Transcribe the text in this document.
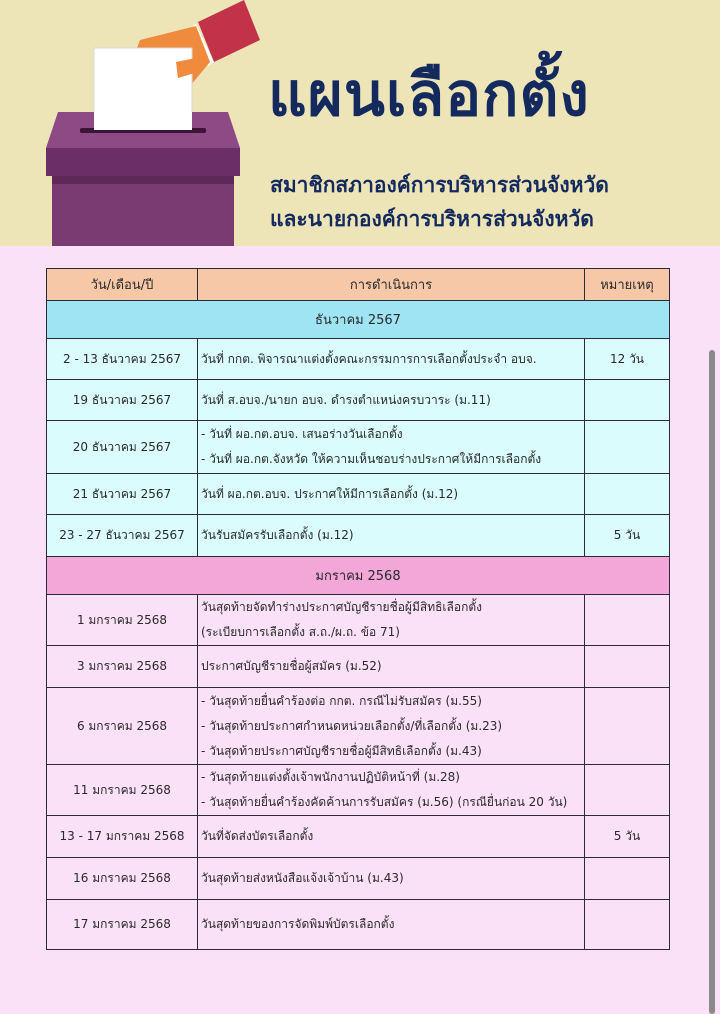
แผนเลือกตั้ง
สมาชิกสภาองค์การบริหารส่วนจังหวัด
และนายกองค์การบริหารส่วนจังหวัด
วัน/เดือน/ปี	การดำเนินการ	หมายเหตุ
ธันวาคม 2567		
2 - 13 ธันวาคม 2567	วันที่ กกต. พิจารณาแต่งตั้งคณะกรรมการการเลือกตั้งประจำ อบจ.	12 วัน
19 ธันวาคม 2567	วันที่ ส.อบจ./นายก อบจ. ดำรงตำแหน่งครบวาระ (ม.11)	

20 ธันวาคม 2567	- วันที่ ผอ.กต.อบจ. เสนอร่างวันเลือกตั้ง
- วันที่ ผอ.กต.จังหวัด ให้ความเห็นชอบร่างประกาศให้มีการเลือกตั้ง	

21 ธันวาคม 2567	วันที่ ผอ.กต.อบจ. ประกาศให้มีการเลือกตั้ง (ม.12)	

23 - 27 ธันวาคม 2567	วันรับสมัครรับเลือกตั้ง (ม.12)	5 วัน
มกราคม 2568		
1 มกราคม 2568	วันสุดท้ายจัดทำร่างประกาศบัญชีรายชื่อผู้มีสิทธิเลือกตั้ง
(ระเบียบการเลือกตั้ง ส.ถ./ผ.ถ. ข้อ 71)	

3 มกราคม 2568	ประกาศบัญชีรายชื่อผู้สมัคร (ม.52)	

6 มกราคม 2568	- วันสุดท้ายยื่นคำร้องต่อ กกต. กรณีไม่รับสมัคร (ม.55)
- วันสุดท้ายประกาศกำหนดหน่วยเลือกตั้ง/ที่เลือกตั้ง (ม.23)
- วันสุดท้ายประกาศบัญชีรายชื่อผู้มีสิทธิเลือกตั้ง (ม.43)	

11 มกราคม 2568	- วันสุดท้ายแต่งตั้งเจ้าพนักงานปฏิบัติหน้าที่ (ม.28)
- วันสุดท้ายยื่นคำร้องคัดค้านการรับสมัคร (ม.56) (กรณียื่นก่อน 20 วัน)	

13 - 17 มกราคม 2568	วันที่จัดส่งบัตรเลือกตั้ง	5 วัน
16 มกราคม 2568	วันสุดท้ายส่งหนังสือแจ้งเจ้าบ้าน (ม.43)	

17 มกราคม 2568	วันสุดท้ายของการจัดพิมพ์บัตรเลือกตั้ง	
